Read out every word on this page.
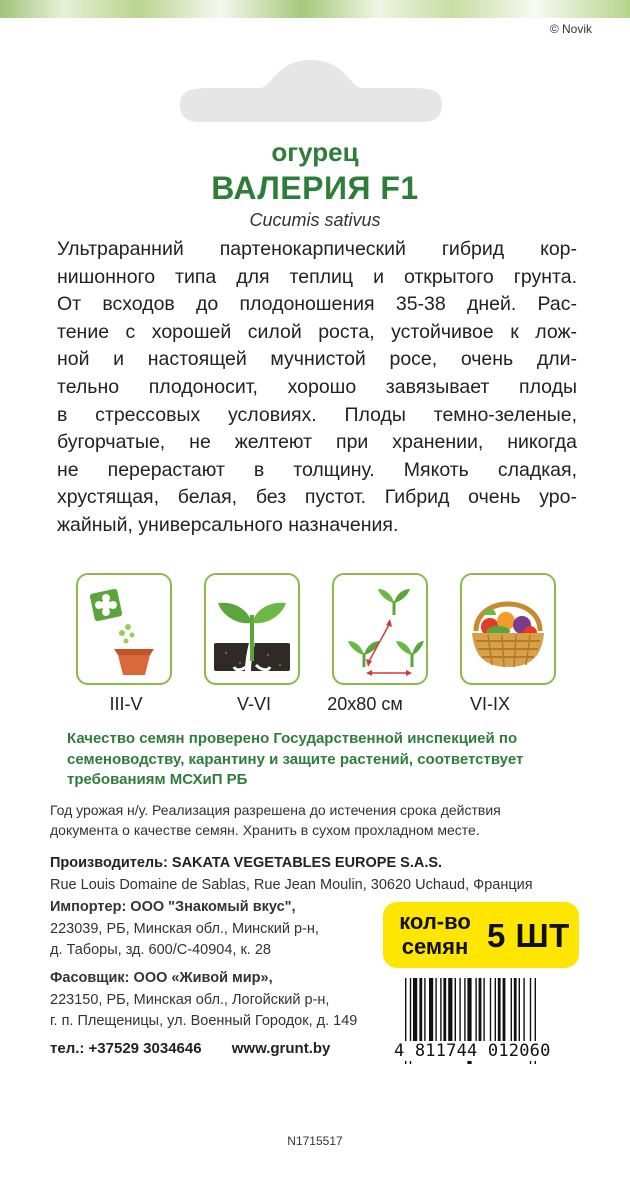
© Novik
огурец
ВАЛЕРИЯ F1
Cucumis sativus
Ультраранний партенокарпический гибрид кор-
нишонного типа для теплиц и открытого грунта.
От всходов до плодоношения 35-38 дней. Рас-
тение с хорошей силой роста, устойчивое к лож-
ной и настоящей мучнистой росе, очень дли-
тельно плодоносит, хорошо завязывает плоды
в стрессовых условиях. Плоды темно-зеленые,
бугорчатые, не желтеют при хранении, никогда
не перерастают в толщину. Мякоть сладкая,
хрустящая, белая, без пустот. Гибрид очень уро-
жайный, универсального назначения.
III-V	V-VI	20x80 см	VI-IX
Качество семян проверено Государственной инспекцией по
семеноводству, карантину и защите растений, соответствует
требованиям МСХиП РБ
Год урожая н/у. Реализация разрешена до истечения срока действия
документа о качестве семян. Хранить в сухом прохладном месте.
Производитель: SAKATA VEGETABLES EUROPE S.A.S.
Rue Louis Domaine de Sablas, Rue Jean Moulin, 30620 Uchaud, Франция
Импортер: ООО "Знакомый вкус",
223039, РБ, Минская обл., Минский р-н,
д. Таборы, зд. 600/С-40904, к. 28
Фасовщик: ООО «Живой мир»,
223150, РБ, Минская обл., Логойский р-н,
г. п. Плещеницы, ул. Военный Городок, д. 149
тел.: +37529 3034646 www.grunt.by
кол-во
семян 5 ШТ
4 811744 012060
N1715517
